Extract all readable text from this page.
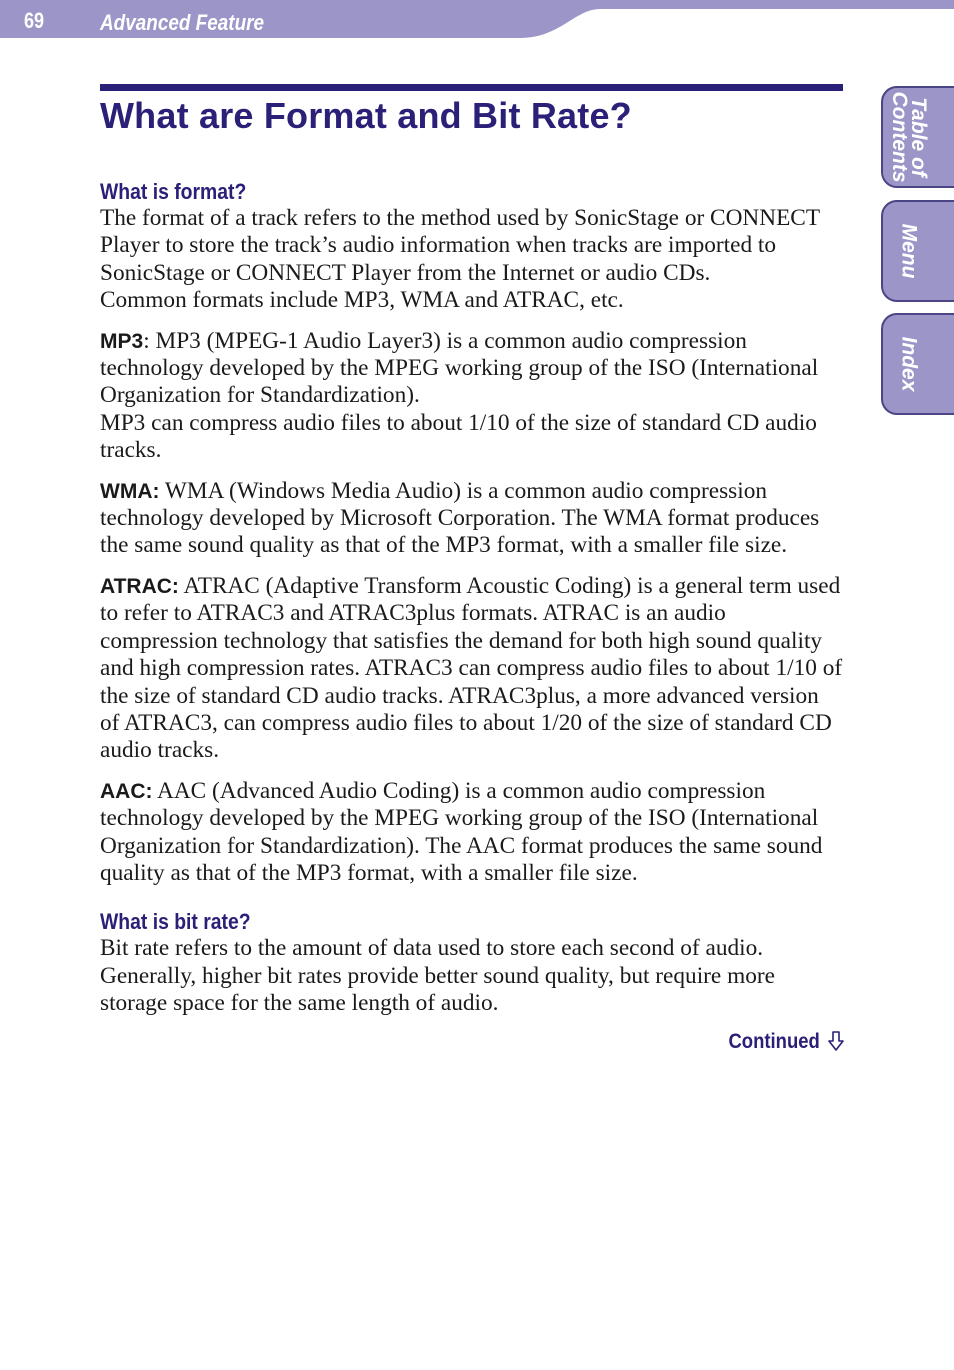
69	Advanced Feature
Table of
Contents
Menu
Index
What are Format and Bit Rate?
What is format?

The format of a track refers to the method used by SonicStage or CONNECT Player to store the track’s audio information when tracks are imported to SonicStage or CONNECT Player from the Internet or audio CDs.
Common formats include MP3, WMA and ATRAC, etc.

MP3: MP3 (MPEG-1 Audio Layer3) is a common audio compression technology developed by the MPEG working group of the ISO (International Organization for Standardization).
MP3 can compress audio files to about 1/10 of the size of standard CD audio tracks.

WMA: WMA (Windows Media Audio) is a common audio compression technology developed by Microsoft Corporation. The WMA format produces the same sound quality as that of the MP3 format, with a smaller file size.

ATRAC: ATRAC (Adaptive Transform Acoustic Coding) is a general term used to refer to ATRAC3 and ATRAC3plus formats. ATRAC is an audio compression technology that satisfies the demand for both high sound quality and high compression rates. ATRAC3 can compress audio files to about 1/10 of the size of standard CD audio tracks. ATRAC3plus, a more advanced version of ATRAC3, can compress audio files to about 1/20 of the size of standard CD audio tracks.

AAC: AAC (Advanced Audio Coding) is a common audio compression technology developed by the MPEG working group of the ISO (International Organization for Standardization). The AAC format produces the same sound quality as that of the MP3 format, with a smaller file size.

What is bit rate?

Bit rate refers to the amount of data used to store each second of audio. Generally, higher bit rates provide better sound quality, but require more storage space for the same length of audio.

Continued
